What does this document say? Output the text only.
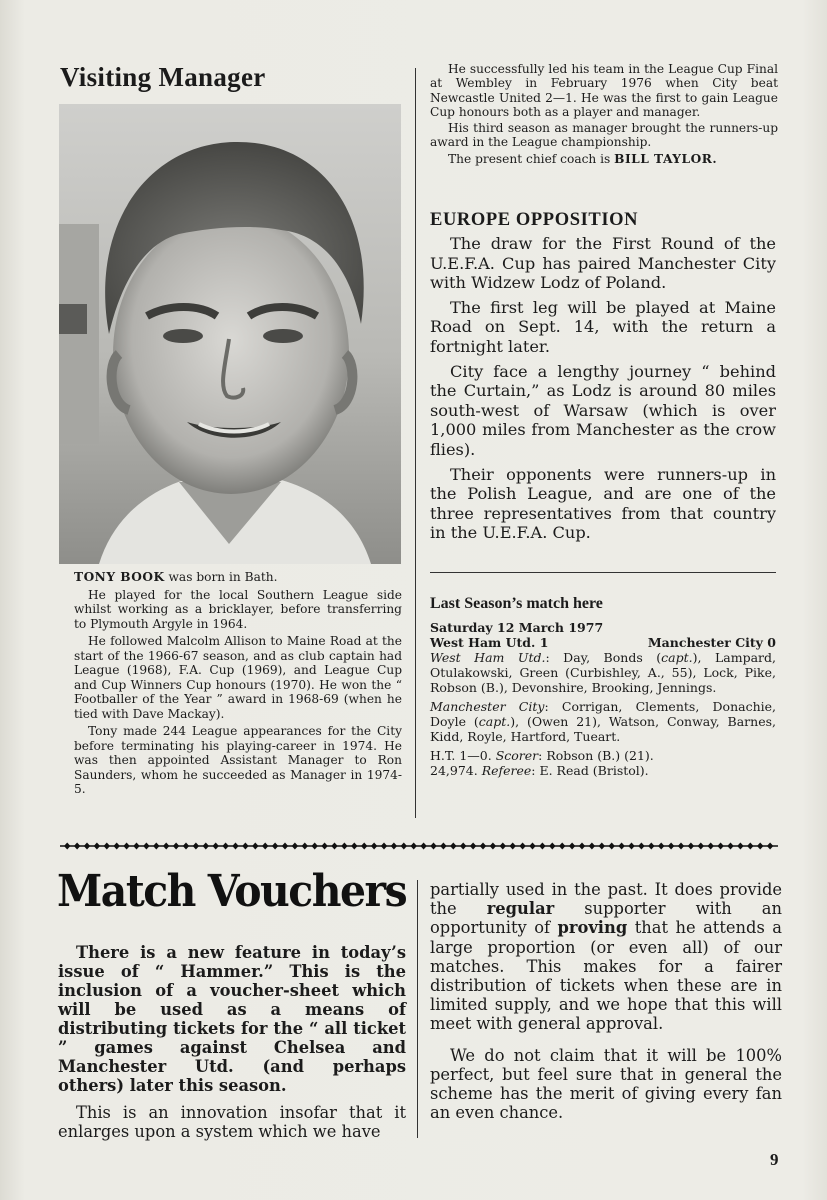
Visiting Manager

TONY BOOK was born in Bath.

He played for the local Southern League side whilst working as a bricklayer, before transferring to Plymouth Argyle in 1964.

He followed Malcolm Allison to Maine Road at the start of the 1966-67 season, and as club captain had League (1968), F.A. Cup (1969), and League Cup and Cup Winners Cup honours (1970). He won the “ Footballer of the Year ” award in 1968-69 (when he tied with Dave Mackay).

Tony made 244 League appearances for the City before terminating his playing-career in 1974. He was then appointed Assistant Manager to Ron Saunders, whom he succeeded as Manager in 1974-5.

He successfully led his team in the League Cup Final at Wembley in February 1976 when City beat Newcastle United 2—1. He was the first to gain League Cup honours both as a player and manager.

His third season as manager brought the runners-up award in the League championship.

The present chief coach is BILL TAYLOR.

EUROPE OPPOSITION

The draw for the First Round of the U.E.F.A. Cup has paired Manchester City with Widzew Lodz of Poland.

The first leg will be played at Maine Road on Sept. 14, with the return a fortnight later.

City face a lengthy journey “ behind the Curtain,” as Lodz is around 80 miles south-west of Warsaw (which is over 1,000 miles from Manchester as the crow flies).

Their opponents were runners-up in the Polish League, and are one of the three representatives from that country in the U.E.F.A. Cup.

Last Season’s match here
Saturday 12 March 1977
West Ham Utd. 1	Manchester City 0
West Ham Utd.: Day, Bonds (capt.), Lampard, Otulakowski, Green (Curbishley, A., 55), Lock, Pike, Robson (B.), Devonshire, Brooking, Jennings.
Manchester City: Corrigan, Clements, Donachie, Doyle (capt.), (Owen 21), Watson, Conway, Barnes, Kidd, Royle, Hartford, Tueart.
H.T. 1—0. Scorer: Robson (B.) (21).
24,974. Referee: E. Read (Bristol).
Match Vouchers

There is a new feature in today’s issue of “ Hammer.” This is the inclusion of a voucher-sheet which will be used as a means of distributing tickets for the “ all ticket ” games against Chelsea and Manchester Utd. (and perhaps others) later this season.

This is an innovation insofar that it enlarges upon a system which we have

partially used in the past. It does provide the regular supporter with an opportunity of proving that he attends a large proportion (or even all) of our matches. This makes for a fairer distribution of tickets when these are in limited supply, and we hope that this will meet with general approval.

We do not claim that it will be 100% perfect, but feel sure that in general the scheme has the merit of giving every fan an even chance.

9
